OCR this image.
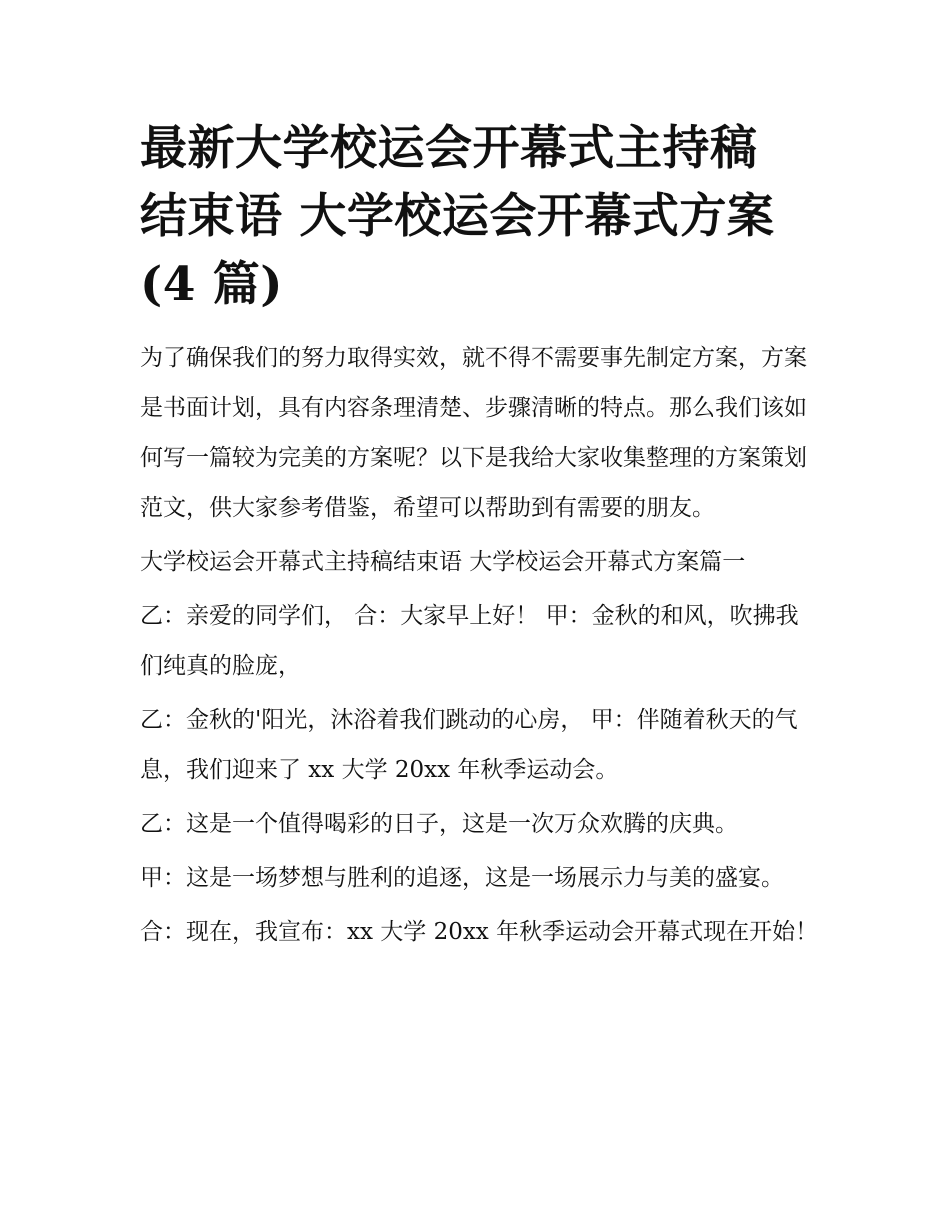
最新大学校运会开幕式主持稿
结束语 大学校运会开幕式方案
(4 篇)

为了确保我们的努力取得实效，就不得不需要事先制定方案，方案是书面计划，具有内容条理清楚、步骤清晰的特点。那么我们该如何写一篇较为完美的方案呢？以下是我给大家收集整理的方案策划范文，供大家参考借鉴，希望可以帮助到有需要的朋友。

大学校运会开幕式主持稿结束语 大学校运会开幕式方案篇一

乙：亲爱的同学们， 合：大家早上好！ 甲：金秋的和风，吹拂我们纯真的脸庞，

乙：金秋的'阳光，沐浴着我们跳动的心房， 甲：伴随着秋天的气息，我们迎来了 xx 大学 20xx 年秋季运动会。

乙：这是一个值得喝彩的日子，这是一次万众欢腾的庆典。

甲：这是一场梦想与胜利的追逐，这是一场展示力与美的盛宴。

合：现在，我宣布：xx 大学 20xx 年秋季运动会开幕式现在开始！
